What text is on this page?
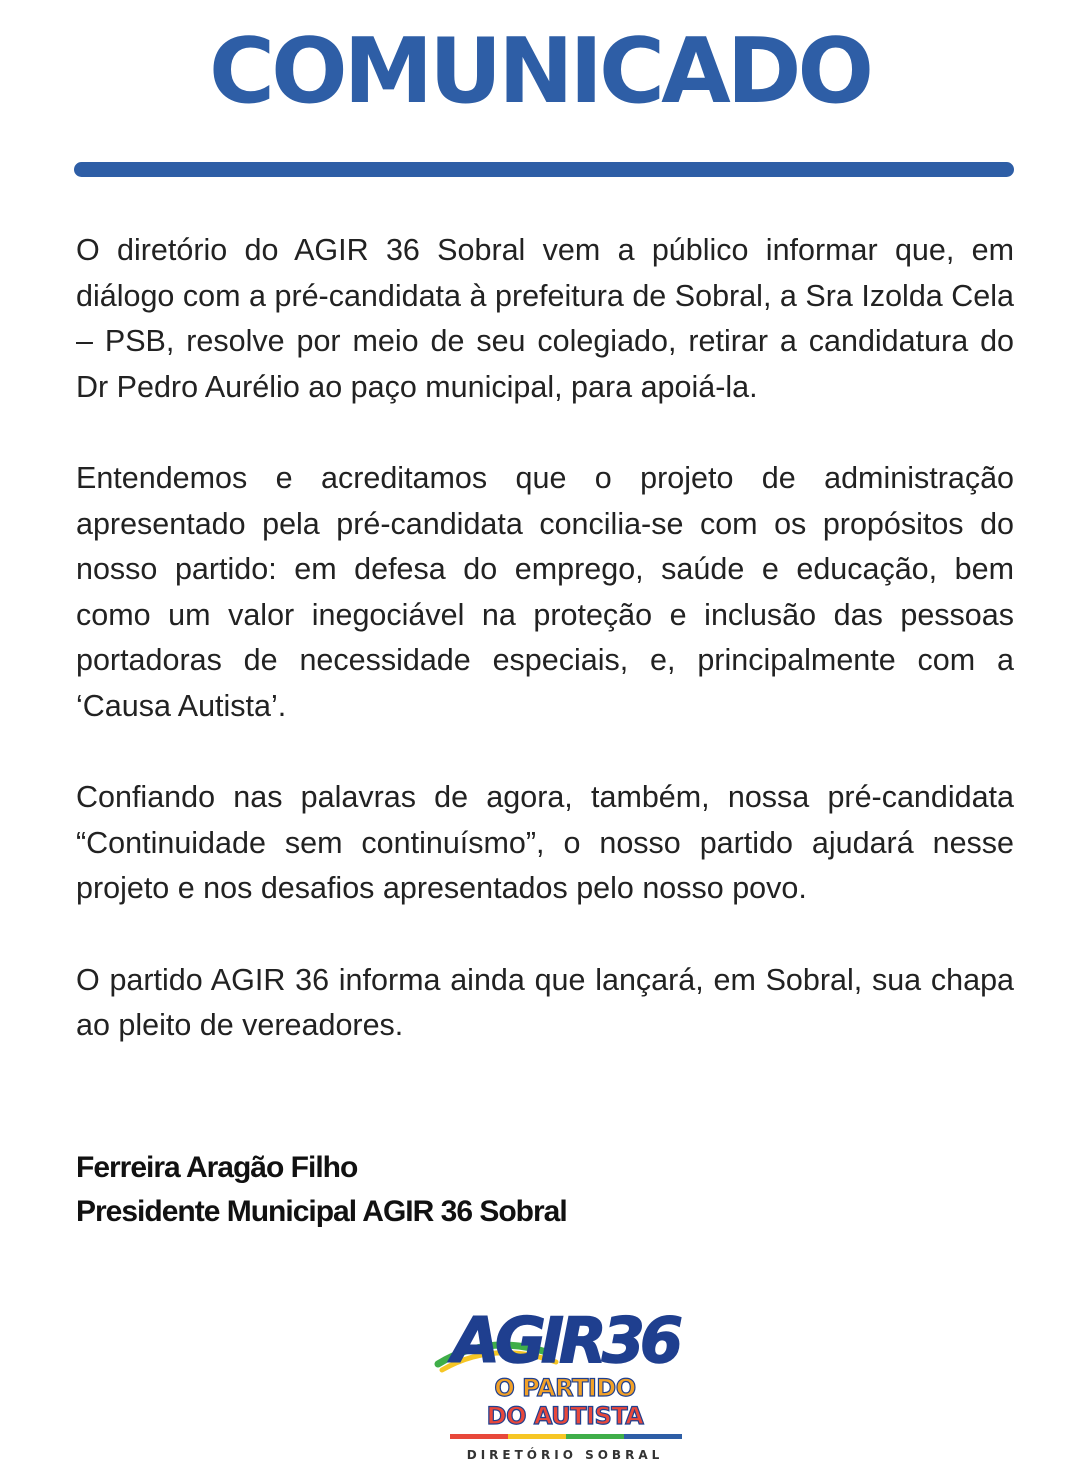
COMUNICADO

O diretório do AGIR 36 Sobral vem a público informar que, em diálogo com a pré-candidata à prefeitura de Sobral, a Sra Izolda Cela – PSB, resolve por meio de seu colegiado, retirar a candidatura do Dr Pedro Aurélio ao paço municipal, para apoiá-la.

Entendemos e acreditamos que o projeto de administração apresentado pela pré-candidata concilia-se com os propósitos do nosso partido: em defesa do emprego, saúde e educação, bem como um valor inegociável na proteção e inclusão das pessoas portadoras de necessidade especiais, e, principalmente com a ‘Causa Autista’.

Confiando nas palavras de agora, também, nossa pré-candidata “Continuidade sem continuísmo”, o nosso partido ajudará nesse projeto e nos desafios apresentados pelo nosso povo.

O partido AGIR 36 informa ainda que lançará, em Sobral, sua chapa ao pleito de vereadores.

Ferreira Aragão Filho
Presidente Municipal AGIR 36 Sobral
AGIR36
O PARTIDO
DO AUTISTA
DIRETÓRIO SOBRAL
